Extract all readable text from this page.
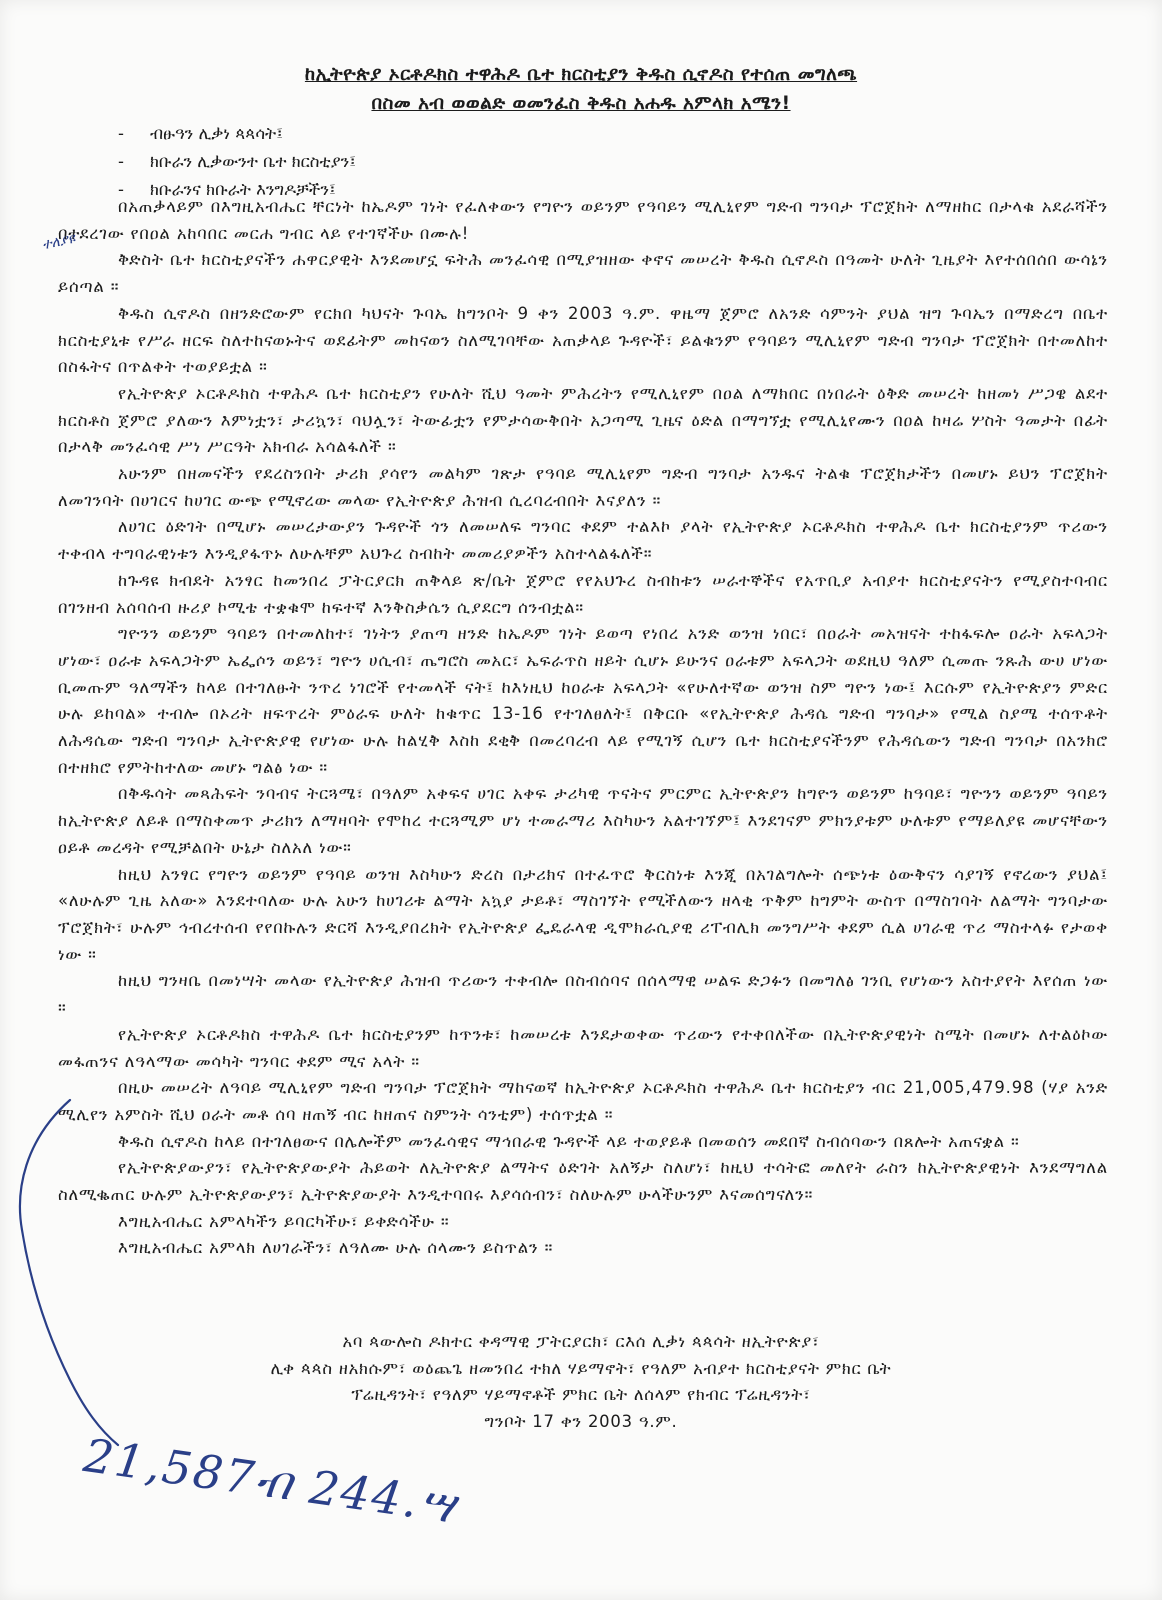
ከኢትዮጵያ ኦርቶዶክስ ተዋሕዶ ቤተ ክርስቲያን ቅዱስ ሲኖዶስ የተሰጠ መግለጫ
በስመ አብ ወወልድ ወመንፈስ ቅዱስ አሐዱ አምላክ አሜን!
-	ብፁዓን ሊቃነ ጳጳሳት፤
-	ክቡራን ሊቃውንተ ቤተ ክርስቲያን፤
-	ክቡራንና ክቡራት እንግዶቻችን፤

በአጠቃላይም በእግዚአብሔር ቸርነት ከኤዶም ገነት የፈለቀውን የግዮን ወይንም የዓባይን ሚሊኒየም ግድብ ግንባታ ፕሮጀክት ለማዘከር በታላቁ አደራሻችን በተደረገው የበዐል አከባበር መርሐ ግብር ላይ የተገኛችሁ በሙሉ!

ቅድስት ቤተ ክርስቲያናችን ሐዋርያዊት እንደመሆኗ ፍትሕ መንፈሳዊ በሚያዝዘው ቀኖና መሠረት ቅዱስ ሲኖዶስ በዓመት ሁለት ጊዜያት እየተሰበሰበ ውሳኔን ይሰጣል ።

ቅዱስ ሲኖዶስ በዘንድሮውም የርክበ ካህናት ጉባኤ ከግንቦት 9 ቀን 2003 ዓ.ም. ዋዜማ ጀምሮ ለአንድ ሳምንት ያህል ዝግ ጉባኤን በማድረግ በቤተ ክርስቲያኒቱ የሥራ ዘርፍ ስለተከናወኑትና ወደፊትም መከናወን ስለሚገባቸው አጠቃላይ ጉዳዮች፣ ይልቁንም የዓባይን ሚሊኒየም ግድብ ግንባታ ፕሮጀክት በተመለከተ በስፋትና በጥልቀት ተወያይቷል ።

የኢትዮጵያ ኦርቶዶክስ ተዋሕዶ ቤተ ክርስቲያን የሁለት ሺህ ዓመት ምሕረትን የሚሊኒየም በዐል ለማክበር በነበራት ዕቅድ መሠረት ከዘመነ ሥጋዌ ልደተ ክርስቶስ ጀምሮ ያለውን እምነቷን፣ ታሪኳን፣ ባህሏን፣ ትውፊቷን የምታሳውቅበት አጋጣሚ ጊዜና ዕድል በማግኘቷ የሚሊኒየሙን በዐል ከዛሬ ሦስት ዓመታት በፊት በታላቅ መንፈሳዊ ሥነ ሥርዓት አክብራ አሳልፋለች ።

አሁንም በዘመናችን የደረስንበት ታሪክ ያሳየን መልካም ገጽታ የዓባይ ሚሊኒየም ግድብ ግንባታ አንዱና ትልቁ ፕሮጀክታችን በመሆኑ ይህን ፕሮጀክት ለመገንባት በሀገርና ከሀገር ውጭ የሚኖረው መላው የኢትዮጵያ ሕዝብ ሲረባረብበት እናያለን ።

ለሀገር ዕድገት በሚሆኑ መሠረታውያን ጉዳዮች ጎን ለመሠለፍ ግንባር ቀደም ተልእኮ ያላት የኢትዮጵያ ኦርቶዶክስ ተዋሕዶ ቤተ ክርስቲያንም ጥሪውን ተቀብላ ተግባራዊነቱን እንዲያፋጥኑ ለሁሉቸም አህጉረ ስብከት መመሪያዎችን አስተላልፋለች።

ከጉዳዩ ክብደት አንፃር ከመንበረ ፓትርያርክ ጠቅላይ ጽ/ቤት ጀምሮ የየአህጉረ ስብከቱን ሠራተኞችና የአጥቢያ አብያተ ክርስቲያናትን የሚያስተባብር በገንዘብ አሰባሰብ ዙሪያ ኮሚቴ ተቋቁሞ ከፍተኛ እንቅስቃሴን ሲያደርግ ሰንብቷል።

ግዮንን ወይንም ዓባይን በተመለከተ፣ ገነትን ያጠጣ ዘንድ ከኤዶም ገነት ይወጣ የነበረ አንድ ወንዝ ነበር፣ በዐራት መአዝናት ተከፋፍሎ ዐራት አፍላጋት ሆነው፣ ዐራቱ አፍላጋትም ኤፌሶን ወይን፣ ግዮን ሀሲብ፣ ጤግሮስ መአር፣ ኤፍራጥስ ዘይት ሲሆኑ ይሁንና ዐራቱም አፍላጋት ወደዚህ ዓለም ሲመጡ ንጹሕ ውሀ ሆነው ቢመጡም ዓለማችን ከላይ በተገለፁት ንጥረ ነገሮች የተመላች ናት፤ ከእነዚህ ከዐራቱ አፍላጋት «የሁለተኛው ወንዝ ስም ግዮን ነው፤ እርሱም የኢትዮጵያን ምድር ሁሉ ይከባል» ተብሎ በኦሪት ዘፍጥረት ምዕራፍ ሁለት ከቁጥር 13-16 የተገለፀለት፤ በቅርቡ «የኢትዮጵያ ሕዳሴ ግድብ ግንባታ» የሚል ስያሜ ተሰጥቶት ለሕዳሴው ግድብ ግንባታ ኢትዮጵያዊ የሆነው ሁሉ ከልሂቅ እስከ ደቂቅ በመረባረብ ላይ የሚገኝ ሲሆን ቤተ ክርስቲያናችንም የሕዳሴውን ግድብ ግንባታ በአንክሮ በተዘክሮ የምትከተለው መሆኑ ግልፅ ነው ።

በቅዱሳት መጻሕፍት ንባብና ትርጓሜ፣ በዓለም አቀፍና ሀገር አቀፍ ታሪካዊ ጥናትና ምርምር ኢትዮጵያን ከግዮን ወይንም ከዓባይ፣ ግዮንን ወይንም ዓባይን ከኢትዮጵያ ለይቶ በማስቀመጥ ታሪክን ለማዛባት የሞከረ ተርጓሚም ሆነ ተመራማሪ እስካሁን አልተገኘም፤ እንደገናም ምክንያቱም ሁለቱም የማይለያዩ መሆናቸውን ዐይቶ መረዳት የሚቻልበት ሁኔታ ስለአለ ነው።

ከዚህ አንፃር የግዮን ወይንም የዓባይ ወንዝ እስካሁን ድረስ በታሪክና በተፈጥሮ ቅርስነቱ እንጂ በአገልግሎት ሰጭነቱ ዕውቅናን ሳያገኝ የኖረውን ያህል፤ «ለሁሉም ጊዜ አለው» እንደተባለው ሁሉ አሁን ከሀገሪቱ ልማት አኳያ ታይቶ፣ ማስገኘት የሚችለውን ዘላቂ ጥቅም ከግምት ውስጥ በማስገባት ለልማት ግንባታው ፕሮጀክት፣ ሁሉም ኅብረተሰብ የየበኩሉን ድርሻ እንዲያበረክት የኢትዮጵያ ፌዴራላዊ ዲሞክራሲያዊ ሪፐብሊክ መንግሥት ቀደም ሲል ሀገራዊ ጥሪ ማስተላፉ የታወቀ ነው ።

ከዚህ ግንዛቤ በመነሣት መላው የኢትዮጵያ ሕዝብ ጥሪውን ተቀብሎ በስብሰባና በሰላማዊ ሠልፍ ድጋፉን በመግለፅ ገንቢ የሆነውን አስተያየት እየሰጠ ነው ።

የኢትዮጵያ ኦርቶዶክስ ተዋሕዶ ቤተ ክርስቲያንም ከጥንቱ፣ ከመሠረቱ እንደታወቀው ጥሪውን የተቀበለችው በኢትዮጵያዊነት ስሜት በመሆኑ ለተልዕኮው መፋጠንና ለዓላማው መሳካት ግንባር ቀደም ሚና አላት ።

በዚሁ መሠረት ለዓባይ ሚሊኒየም ግድብ ግንባታ ፕሮጀክት ማከናወኛ ከኢትዮጵያ ኦርቶዶክስ ተዋሕዶ ቤተ ክርስቲያን ብር 21,005,479.98 (ሃያ አንድ ሚሊየን አምስት ሺህ ዐራት መቶ ሰባ ዘጠኝ ብር ከዘጠና ስምንት ሳንቲም) ተሰጥቷል ።

ቅዱስ ሲኖዶስ ከላይ በተገለፀውና በሌሎችም መንፈሳዊና ማኅበራዊ ጉዳዮች ላይ ተወያይቶ በመወሰን መደበኛ ስብሰባውን በጸሎት አጠናቋል ።

የኢትዮጵያውያን፣ የኢትዮጵያውያት ሕይወት ለኢትዮጵያ ልማትና ዕድገት አለኝታ ስለሆነ፣ ከዚህ ተሳትፎ መለየት ራስን ከኢትዮጵያዊነት እንደማግለል ስለሚቈጠር ሁሉም ኢትዮጵያውያን፣ ኢትዮጵያውያት እንዲተባበሩ እያሳሰብን፣ ስለሁሉም ሁላችሁንም እናመሰግናለን።

እግዚአብሔር አምላካችን ይባርካችሁ፣ ይቀድሳችሁ ።

እግዚአብሔር አምላክ ለሀገራችን፣ ለዓለሙ ሁሉ ሰላሙን ይስጥልን ።

አባ ጳውሎስ ዶክተር ቀዳማዊ ፓትርያርክ፣ ርእሰ ሊቃነ ጳጳሳት ዘኢትዮጵያ፣
ሊቀ ጳጳስ ዘአክሱም፣ ወዕጨጌ ዘመንበረ ተክለ ሃይማኖት፣ የዓለም አብያተ ክርስቲያናት ምክር ቤት
ፕሬዚዳንት፣ የዓለም ሃይማኖቶች ምክር ቤት ለሰላም የክብር ፕሬዚዳንት፣
ግንቦት 17 ቀን 2003 ዓ.ም.
ተለያዩ
21,587ብ 244.ሣ
